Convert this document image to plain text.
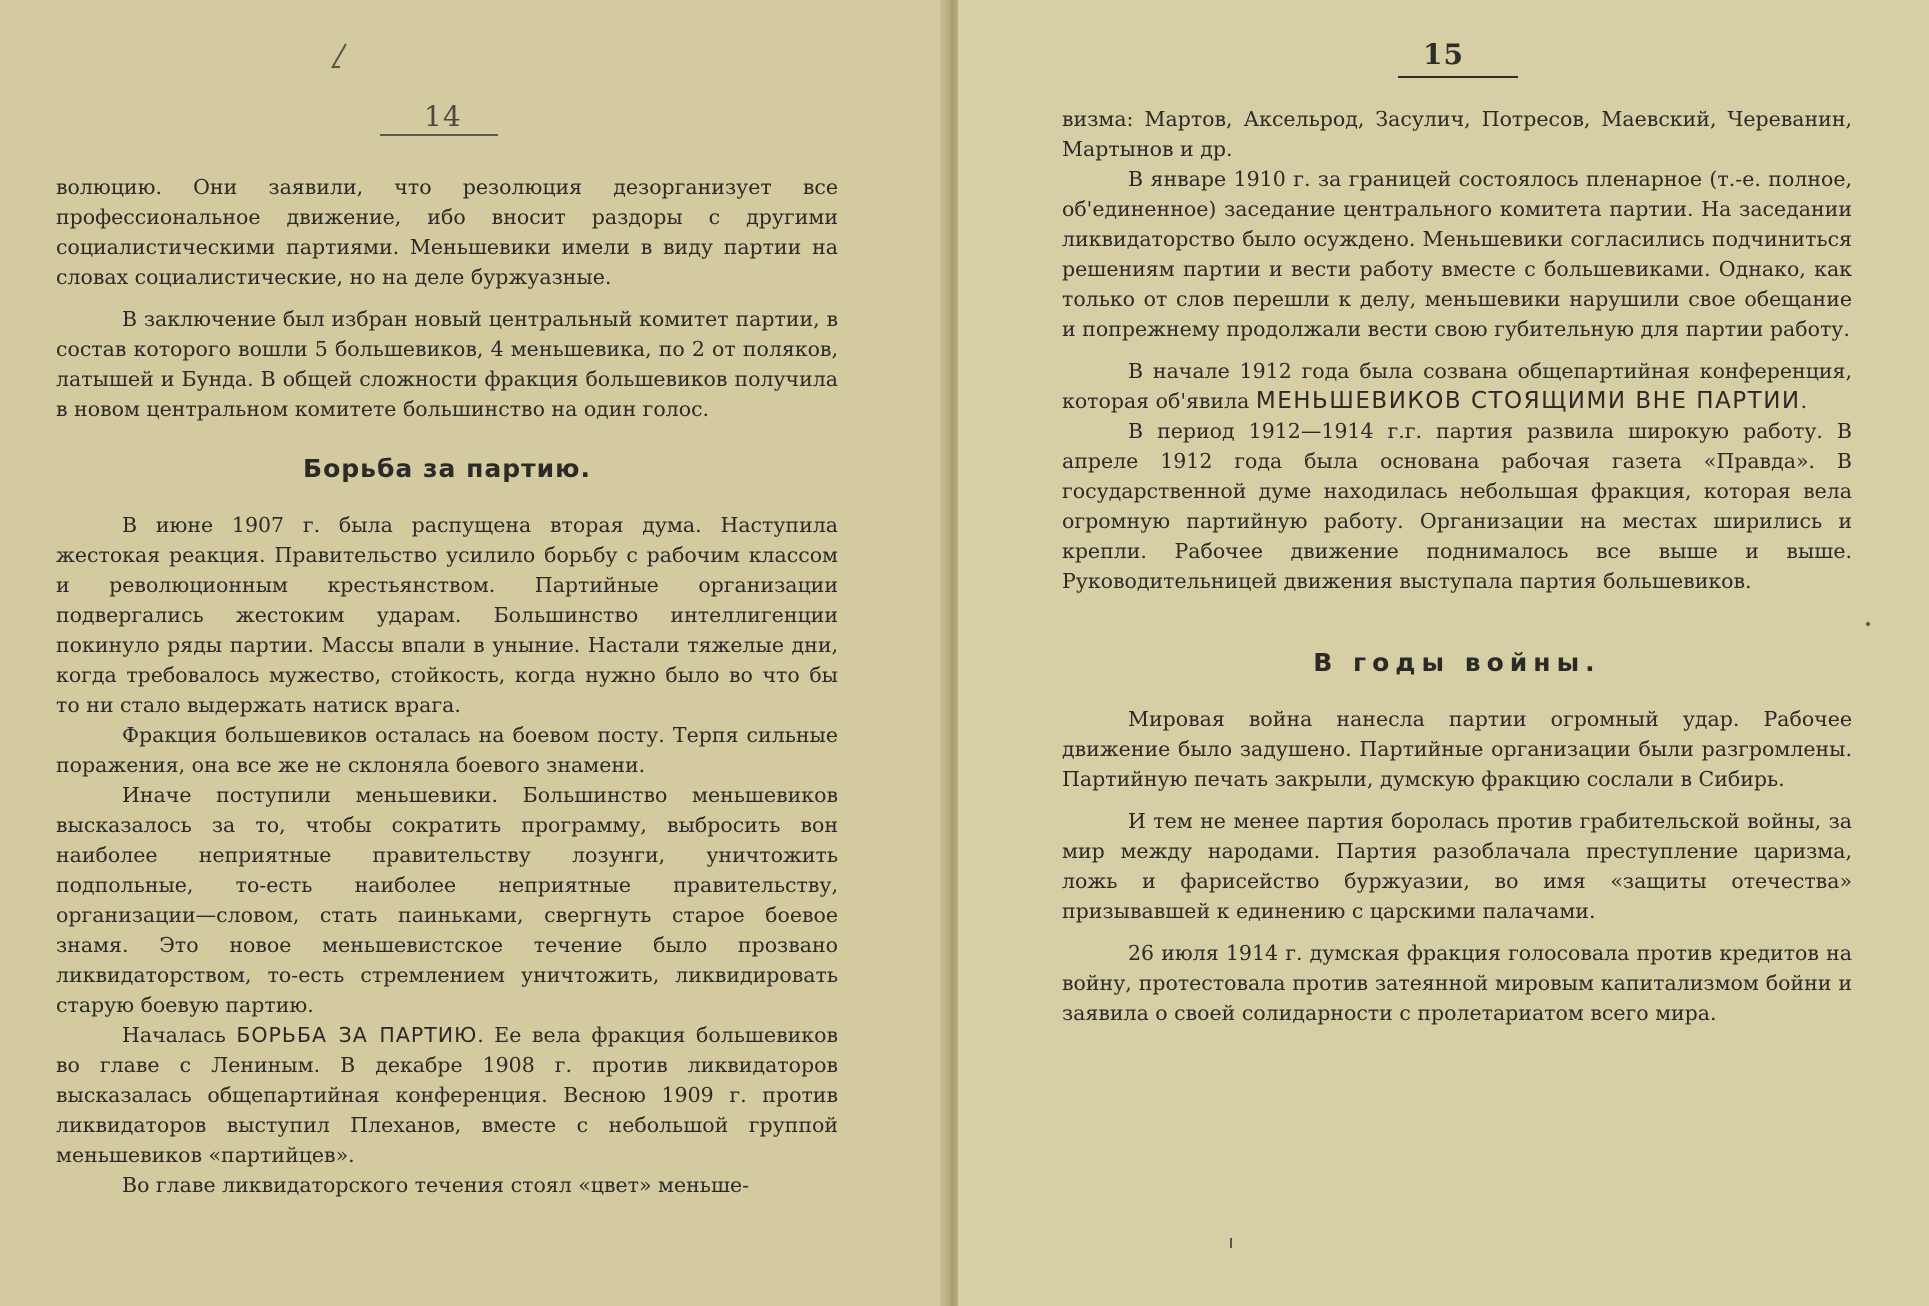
14

волюцию. Они заявили, что резолюция дезорганизует все профессиональное движение, ибо вносит раздоры с другими социалистическими партиями. Меньшевики имели в виду партии на словах социалистические, но на деле буржуазные.

В заключение был избран новый центральный комитет партии, в состав которого вошли 5 большевиков, 4 меньшевика, по 2 от поляков, латышей и Бунда. В общей сложности фракция большевиков получила в новом центральном комитете большинство на один голос.

Борьба за партию.

В июне 1907 г. была распущена вторая дума. Наступила жестокая реакция. Правительство усилило борьбу с рабочим классом и революционным крестьянством. Партийные организации подвергались жестоким ударам. Большинство интеллигенции покинуло ряды партии. Массы впали в уныние. Настали тяжелые дни, когда требовалось мужество, стойкость, когда нужно было во что бы то ни стало выдержать натиск врага.

Фракция большевиков осталась на боевом посту. Терпя сильные поражения, она все же не склоняла боевого знамени.

Иначе поступили меньшевики. Большинство меньшевиков высказалось за то, чтобы сократить программу, выбросить вон наиболее неприятные правительству лозунги, уничтожить подпольные, то-есть наиболее неприятные правительству, организации—словом, стать паиньками, свергнуть старое боевое знамя. Это новое меньшевистское течение было прозвано ликвидаторством, то-есть стремлением уничтожить, ликвидировать старую боевую партию.

Началась БОРЬБА ЗА ПАРТИЮ. Ее вела фракция большевиков во главе с Лениным. В декабре 1908 г. против ликвидаторов высказалась общепартийная конференция. Весною 1909 г. против ликвидаторов выступил Плеханов, вместе с небольшой группой меньшевиков «партийцев».

Во главе ликвидаторского течения стоял «цвет» меньше-

15

визма: Мартов, Аксельрод, Засулич, Потресов, Маевский, Череванин, Мартынов и др.

В январе 1910 г. за границей состоялось пленарное (т.-е. полное, об'единенное) заседание центрального комитета партии. На заседании ликвидаторство было осуждено. Меньшевики согласились подчиниться решениям партии и вести работу вместе с большевиками. Однако, как только от слов перешли к делу, меньшевики нарушили свое обещание и попрежнему продолжали вести свою губительную для партии работу.

В начале 1912 года была созвана общепартийная конференция, которая об'явила МЕНЬШЕВИКОВ СТОЯЩИМИ ВНЕ ПАРТИИ.

В период 1912—1914 г.г. партия развила широкую работу. В апреле 1912 года была основана рабочая газета «Правда». В государственной думе находилась небольшая фракция, которая вела огромную партийную работу. Организации на местах ширились и крепли. Рабочее движение поднималось все выше и выше. Руководительницей движения выступала партия большевиков.

В годы войны.

Мировая война нанесла партии огромный удар. Рабочее движение было задушено. Партийные организации были разгромлены. Партийную печать закрыли, думскую фракцию сослали в Сибирь.

И тем не менее партия боролась против грабительской войны, за мир между народами. Партия разоблачала преступление царизма, ложь и фарисейство буржуазии, во имя «защиты отечества» призывавшей к единению с царскими палачами.

26 июля 1914 г. думская фракция голосовала против кредитов на войну, протестовала против затеянной мировым капитализмом бойни и заявила о своей солидарности с пролетариатом всего мира.
